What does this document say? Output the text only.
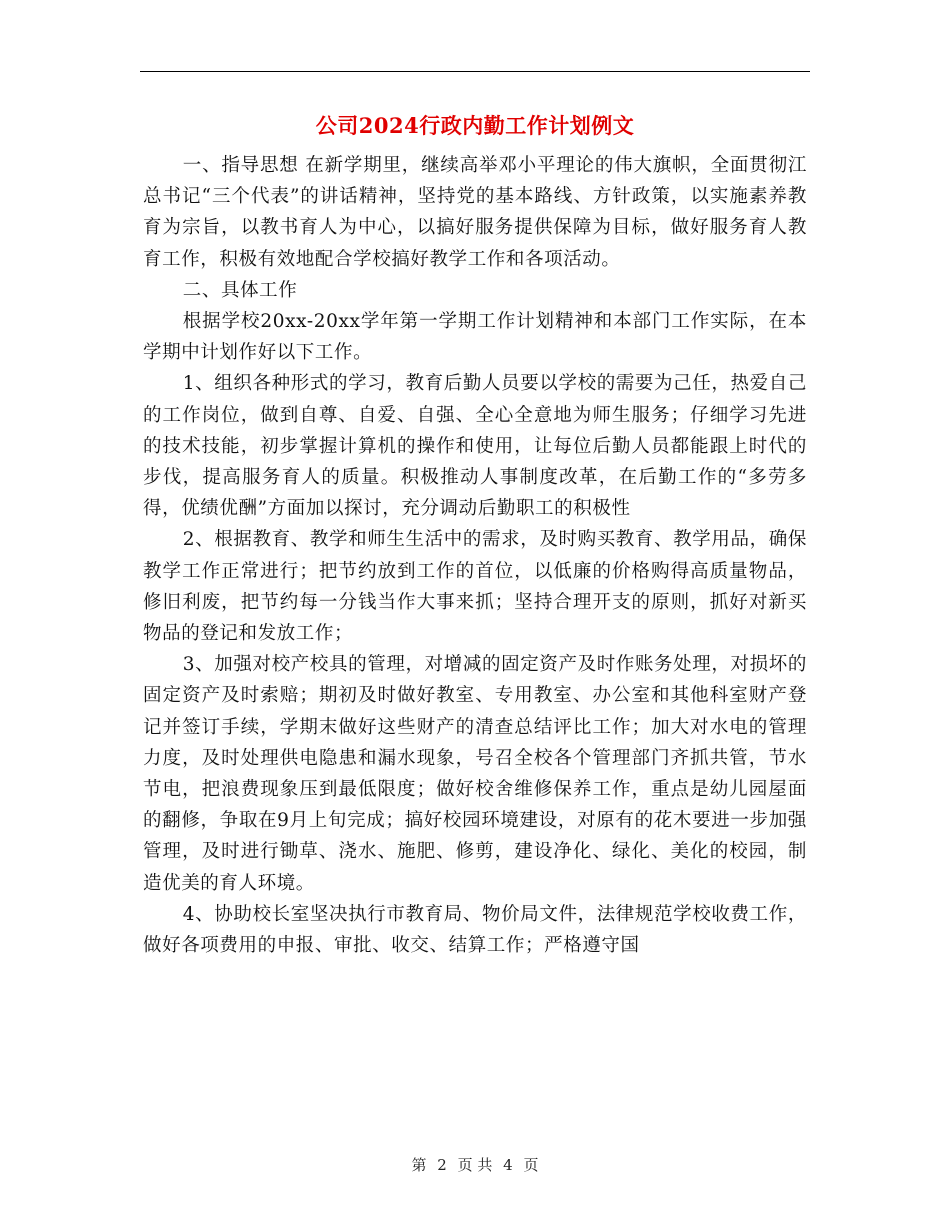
公司2024行政内勤工作计划例文

一、指导思想 在新学期里，继续高举邓小平理论的伟大旗帜，全面贯彻江总书记“三个代表”的讲话精神，坚持党的基本路线、方针政策，以实施素养教育为宗旨，以教书育人为中心，以搞好服务提供保障为目标，做好服务育人教育工作，积极有效地配合学校搞好教学工作和各项活动。

二、具体工作

根据学校20xx-20xx学年第一学期工作计划精神和本部门工作实际，在本学期中计划作好以下工作。

1、组织各种形式的学习，教育后勤人员要以学校的需要为己任，热爱自己的工作岗位，做到自尊、自爱、自强、全心全意地为师生服务；仔细学习先进的技术技能，初步掌握计算机的操作和使用，让每位后勤人员都能跟上时代的步伐，提高服务育人的质量。积极推动人事制度改革，在后勤工作的“多劳多得，优绩优酬”方面加以探讨，充分调动后勤职工的积极性

2、根据教育、教学和师生生活中的需求，及时购买教育、教学用品，确保教学工作正常进行；把节约放到工作的首位，以低廉的价格购得高质量物品，修旧利废，把节约每一分钱当作大事来抓；坚持合理开支的原则，抓好对新买物品的登记和发放工作；

3、加强对校产校具的管理，对增减的固定资产及时作账务处理，对损坏的固定资产及时索赔；期初及时做好教室、专用教室、办公室和其他科室财产登记并签订手续，学期末做好这些财产的清查总结评比工作；加大对水电的管理力度，及时处理供电隐患和漏水现象，号召全校各个管理部门齐抓共管，节水节电，把浪费现象压到最低限度；做好校舍维修保养工作，重点是幼儿园屋面的翻修，争取在9月上旬完成；搞好校园环境建设，对原有的花木要进一步加强管理，及时进行锄草、浇水、施肥、修剪，建设净化、绿化、美化的校园，制造优美的育人环境。

4、协助校长室坚决执行市教育局、物价局文件，法律规范学校收费工作，做好各项费用的申报、审批、收交、结算工作；严格遵守国

第 2 页 共 4 页
